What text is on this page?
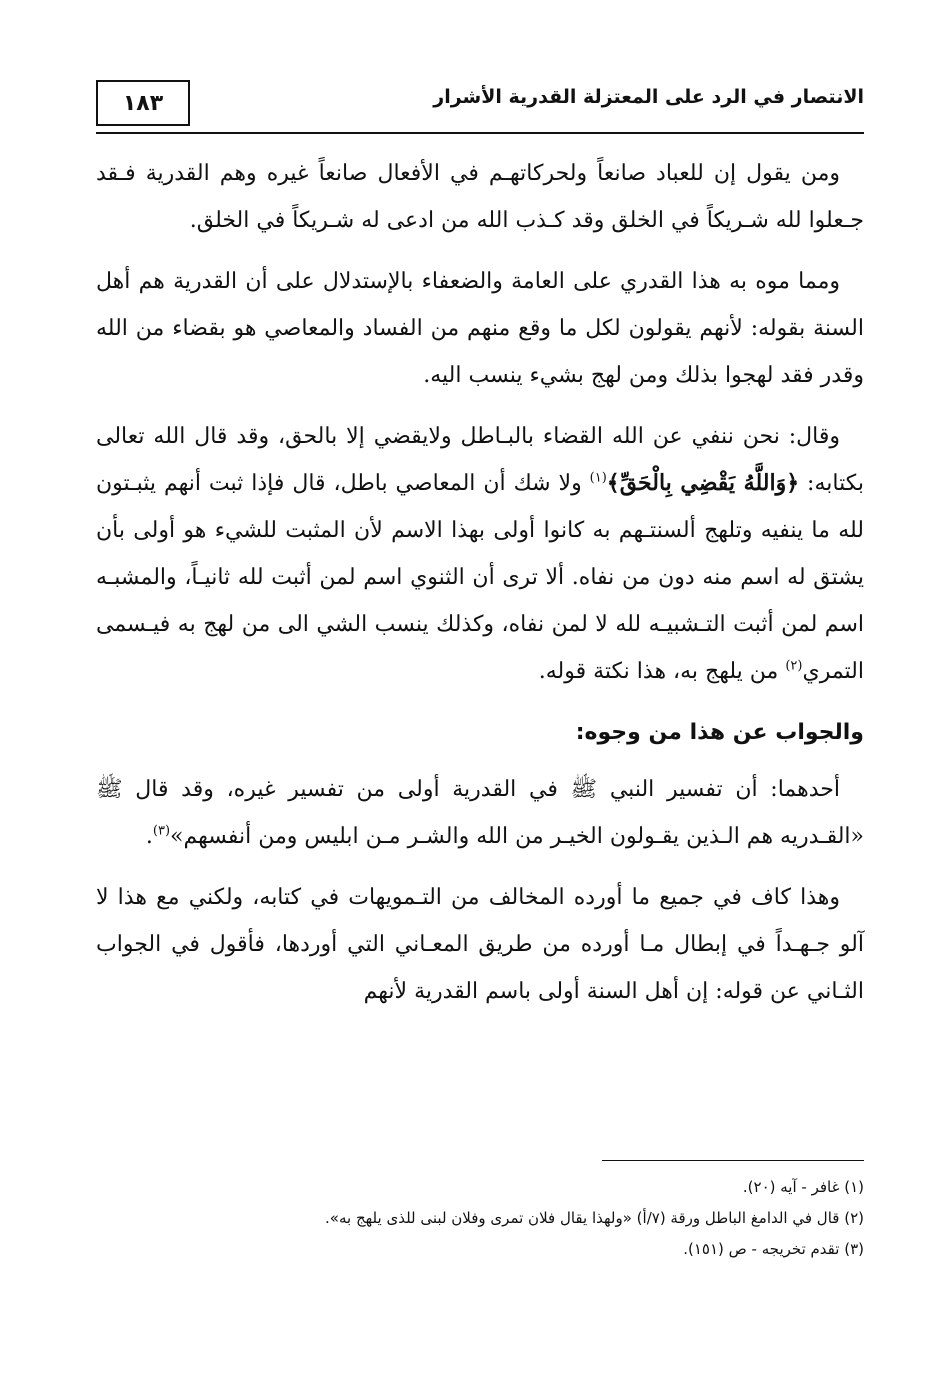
١٨٣	الانتصار في الرد على المعتزلة القدرية الأشرار

ومن يقول إن للعباد صانعاً ولحركاتهـم في الأفعال صانعاً غيره وهم القدرية فـقد جـعلوا لله شـريكاً في الخلق وقد كـذب الله من ادعى له شـريكاً في الخلق.

ومما موه به هذا القدري على العامة والضعفاء بالإستدلال على أن القدرية هم أهل السنة بقوله: لأنهم يقولون لكل ما وقع منهم من الفساد والمعاصي هو بقضاء من الله وقدر فقد لهجوا بذلك ومن لهج بشيء ينسب اليه.

وقال: نحن ننفي عن الله القضاء بالبـاطل ولايقضي إلا بالحق، وقد قال الله تعالى بكتابه: ﴿وَاللَّهُ يَقْضِي بِالْحَقِّ﴾$^{(١)}$ ولا شك أن المعاصي باطل، قال فإذا ثبت أنهم يثبـتون لله ما ينفيه وتلهج ألسنتـهم به كانوا أولى بهذا الاسم لأن المثبت للشيء هو أولى بأن يشتق له اسم منه دون من نفاه. ألا ترى أن الثنوي اسم لمن أثبت لله ثانيـاً، والمشبـه اسم لمن أثبت التـشبيـه لله لا لمن نفاه، وكذلك ينسب الشي الى من لهج به فيـسمى التمري$^{(٢)}$ من يلهج به، هذا نكتة قوله.

والجواب عن هذا من وجوه:

أحدهما: أن تفسير النبي ﷺ في القدرية أولى من تفسير غيره، وقد قال ﷺ «القـدريه هم الـذين يقـولون الخيـر من الله والشـر مـن ابليس ومن أنفسهم»$^{(٣)}$.

وهذا كاف في جميع ما أورده المخالف من التـمويهات في كتابه، ولكني مع هذا لا آلو جـهـداً في إبطال مـا أورده من طريق المعـاني التي أوردها، فأقول في الجواب الثـاني عن قوله: إن أهل السنة أولى باسم القدرية لأنهم

(١) غافر - آيه (٢٠).

(٢) قال في الدامغ الباطل ورقة (٧/أ) «ولهذا يقال فلان تمرى وفلان لبنى للذى يلهج به».

(٣) تقدم تخريجه - ص (١٥١).
